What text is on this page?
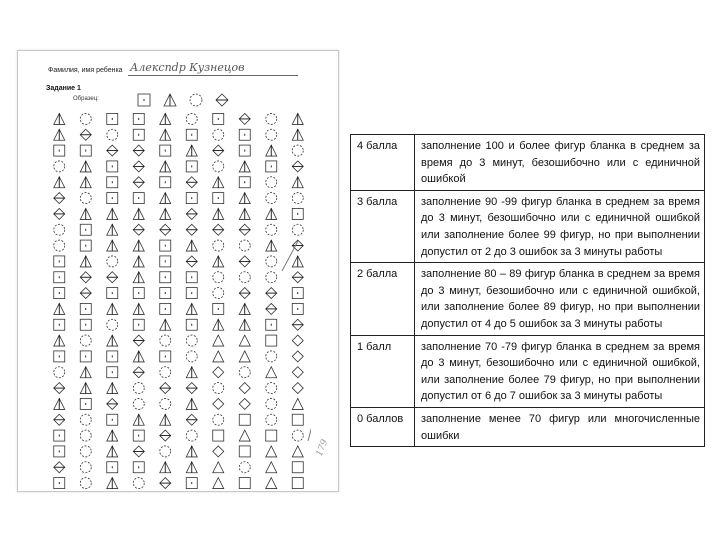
Фамилия, имя ребенка Алексndр Кузнецов
Задание 1
Образец:
179
4 балла	заполнение 100 и более фигур бланка в среднем за время до 3 минут, безошибочно или с единичной ошибкой
3 балла	заполнение 90 -99 фигур бланка в среднем за время до 3 минут, безошибочно или с единичной ошибкой или заполнение более 99 фигур, но при выполнении допустил от 2 до 3 ошибок за 3 минуты работы
2 балла	заполнение 80 – 89 фигур бланка в среднем за время до 3 минут, безошибочно или с единичной ошибкой, или заполнение более 89 фигур, но при выполнении допустил от 4 до 5 ошибок за 3 минуты работы
1 балл	заполнение 70 -79 фигур бланка в среднем за время до 3 минут, безошибочно или с единичной ошибкой, или заполнение более 79 фигур, но при выполнении допустил от 6 до 7 ошибок за 3 минуты работы
0 баллов	заполнение менее 70 фигур или многочисленные ошибки
